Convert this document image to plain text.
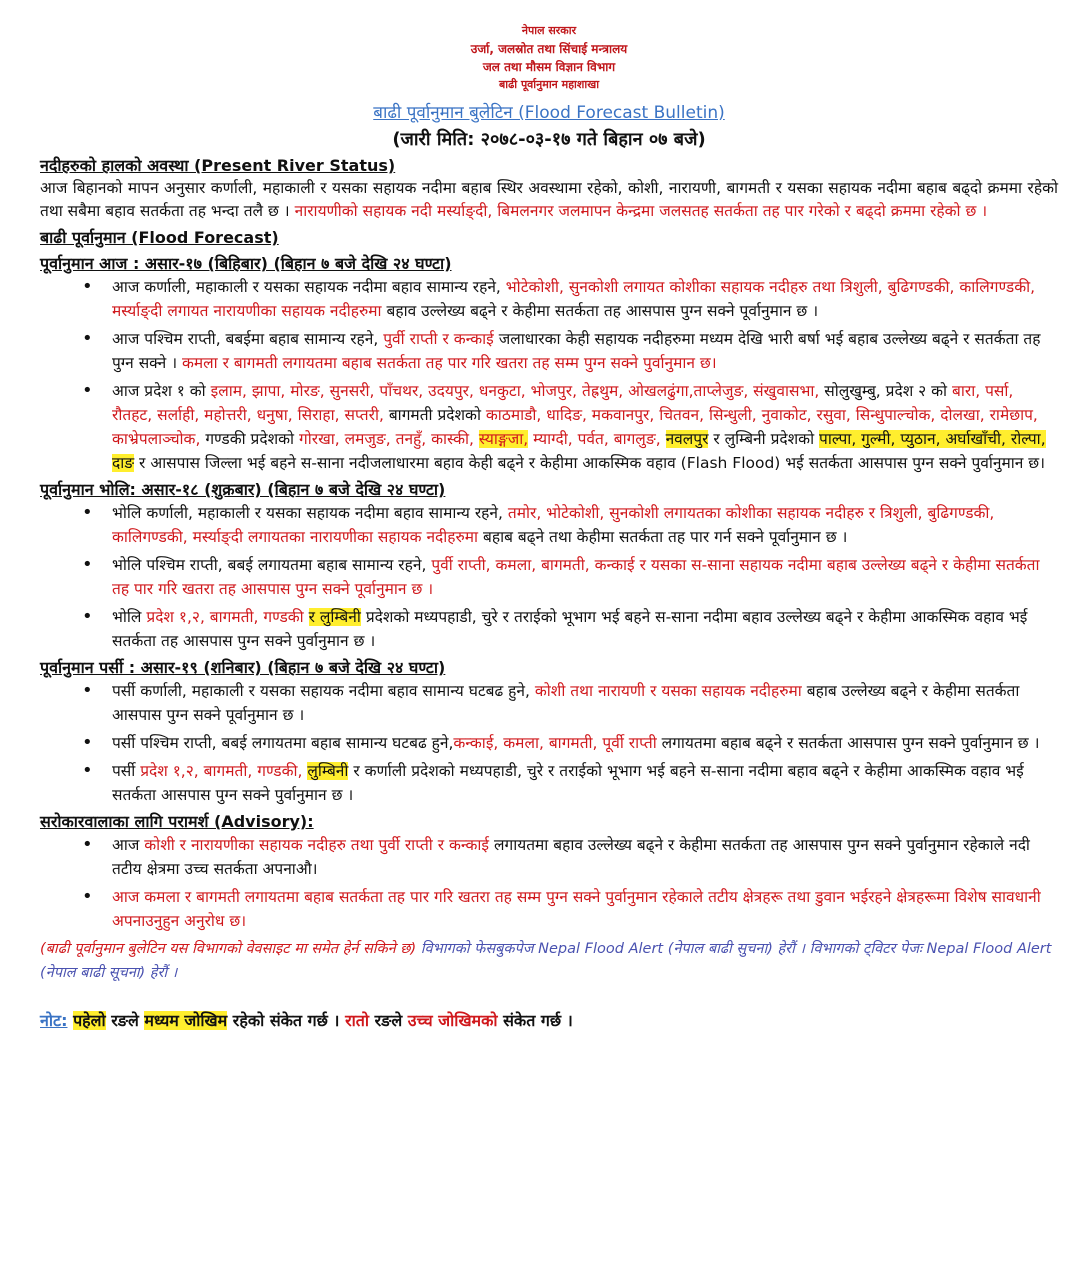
नेपाल सरकार
उर्जा, जलस्रोत तथा सिंचाई मन्त्रालय
जल तथा मौसम विज्ञान विभाग
बाढी पूर्वानुमान महाशाखा
बाढी पूर्वानुमान बुलेटिन (Flood Forecast Bulletin)
(जारी मिति: २०७८-०३-१७ गते बिहान ०७ बजे)
नदीहरुको हालको अवस्था (Present River Status)
आज बिहानको मापन अनुसार कर्णाली, महाकाली र यसका सहायक नदीमा बहाब स्थिर अवस्थामा रहेको, कोशी, नारायणी, बागमती र यसका सहायक नदीमा बहाब बढ्दो क्रममा रहेको तथा सबैमा बहाव सतर्कता तह भन्दा तलै छ । नारायणीको सहायक नदी मर्स्याङ्दी, बिमलनगर जलमापन केन्द्रमा जलसतह सतर्कता तह पार गरेको र बढ्दो क्रममा रहेको छ ।
बाढी पूर्वानुमान (Flood Forecast)
पूर्वानुमान आज : असार-१७ (बिहिबार) (बिहान ७ बजे देखि २४ घण्टा)
• आज कर्णाली, महाकाली र यसका सहायक नदीमा बहाव सामान्य रहने, भोटेकोशी, सुनकोशी लगायत कोशीका सहायक नदीहरु तथा त्रिशुली, बुढिगण्डकी, कालिगण्डकी, मर्स्याङ्दी लगायत नारायणीका सहायक नदीहरुमा बहाव उल्लेख्य बढ्ने र केहीमा सतर्कता तह आसपास पुग्न सक्ने पूर्वानुमान छ ।
• आज पश्चिम राप्ती, बबईमा बहाब सामान्य रहने, पुर्वी राप्ती र कन्काई जलाधारका केही सहायक नदीहरुमा मध्यम देखि भारी बर्षा भई बहाब उल्लेख्य बढ्ने र सतर्कता तह पुग्न सक्ने । कमला र बागमती लगायतमा बहाब सतर्कता तह पार गरि खतरा तह सम्म पुग्न सक्ने पुर्वानुमान छ।
• आज प्रदेश १ को इलाम, झापा, मोरङ, सुनसरी, पाँचथर, उदयपुर, धनकुटा, भोजपुर, तेह्रथुम, ओखलढुंगा,ताप्लेजुङ, संखुवासभा, सोलुखुम्बु, प्रदेश २ को बारा, पर्सा, रौतहट, सर्लाही, महोत्तरी, धनुषा, सिराहा, सप्तरी, बागमती प्रदेशको काठमाडौ, धादिङ, मकवानपुर, चितवन, सिन्धुली, नुवाकोट, रसुवा, सिन्धुपाल्चोक, दोलखा, रामेछाप, काभ्रेपलाञ्चोक, गण्डकी प्रदेशको गोरखा, लमजुङ, तनहुँ, कास्की, स्याङ्गजा, म्याग्दी, पर्वत, बागलुङ, नवलपुर र लुम्बिनी प्रदेशको पाल्पा, गुल्मी, प्युठान, अर्घाखाँची, रोल्पा, दाङ र आसपास जिल्ला भई बहने स-साना नदीजलाधारमा बहाव केही बढ्ने र केहीमा आकस्मिक वहाव (Flash Flood) भई सतर्कता आसपास पुग्न सक्ने पुर्वानुमान छ।
पूर्वानुमान भोलि: असार-१८ (शुक्रबार) (बिहान ७ बजे देखि २४ घण्टा)
• भोलि कर्णाली, महाकाली र यसका सहायक नदीमा बहाव सामान्य रहने, तमोर, भोटेकोशी, सुनकोशी लगायतका कोशीका सहायक नदीहरु र त्रिशुली, बुढिगण्डकी, कालिगण्डकी, मर्स्याङ्दी लगायतका नारायणीका सहायक नदीहरुमा बहाब बढ्ने तथा केहीमा सतर्कता तह पार गर्न सक्ने पूर्वानुमान छ ।
• भोलि पश्चिम राप्ती, बबई लगायतमा बहाब सामान्य रहने, पुर्वी राप्ती, कमला, बागमती, कन्काई र यसका स-साना सहायक नदीमा बहाब उल्लेख्य बढ्ने र केहीमा सतर्कता तह पार गरि खतरा तह आसपास पुग्न सक्ने पूर्वानुमान छ ।
• भोलि प्रदेश १,२, बागमती, गण्डकी र लुम्बिनी प्रदेशको मध्यपहाडी, चुरे र तराईको भूभाग भई बहने स-साना नदीमा बहाव उल्लेख्य बढ्ने र केहीमा आकस्मिक वहाव भई सतर्कता तह आसपास पुग्न सक्ने पुर्वानुमान छ ।
पूर्वानुमान पर्सी : असार-१९ (शनिबार) (बिहान ७ बजे देखि २४ घण्टा)
• पर्सी कर्णाली, महाकाली र यसका सहायक नदीमा बहाव सामान्य घटबढ हुने, कोशी तथा नारायणी र यसका सहायक नदीहरुमा बहाब उल्लेख्य बढ्ने र केहीमा सतर्कता आसपास पुग्न सक्ने पूर्वानुमान छ ।
• पर्सी पश्चिम राप्ती, बबई लगायतमा बहाब सामान्य घटबढ हुने,कन्काई, कमला, बागमती, पूर्वी राप्ती लगायतमा बहाब बढ्ने र सतर्कता आसपास पुग्न सक्ने पुर्वानुमान छ ।
• पर्सी प्रदेश १,२, बागमती, गण्डकी, लुम्बिनी र कर्णाली प्रदेशको मध्यपहाडी, चुरे र तराईको भूभाग भई बहने स-साना नदीमा बहाव बढ्ने र केहीमा आकस्मिक वहाव भई सतर्कता आसपास पुग्न सक्ने पुर्वानुमान छ ।
सरोकारवालाका लागि परामर्श (Advisory):
• आज कोशी र नारायणीका सहायक नदीहरु तथा पुर्वी राप्ती र कन्काई लगायतमा बहाव उल्लेख्य बढ्ने र केहीमा सतर्कता तह आसपास पुग्न सक्ने पुर्वानुमान रहेकाले नदी तटीय क्षेत्रमा उच्च सतर्कता अपनाऔ।
• आज कमला र बागमती लगायतमा बहाब सतर्कता तह पार गरि खतरा तह सम्म पुग्न सक्ने पुर्वानुमान रहेकाले तटीय क्षेत्रहरू तथा डुवान भईरहने क्षेत्रहरूमा विशेष सावधानी अपनाउनुहुन अनुरोध छ।
(बाढी पूर्वानुमान बुलेटिन यस विभागको वेवसाइट मा समेत हेर्न सकिने छ) विभागको फेसबुकपेज Nepal Flood Alert (नेपाल बाढी सुचना) हेरौं । विभागको ट्विटर पेजः Nepal Flood Alert (नेपाल बाढी सूचना) हेरौं ।
नोट: पहेलो रङले मध्यम जोखिम रहेको संकेत गर्छ । रातो रङले उच्च जोखिमको संकेत गर्छ ।
